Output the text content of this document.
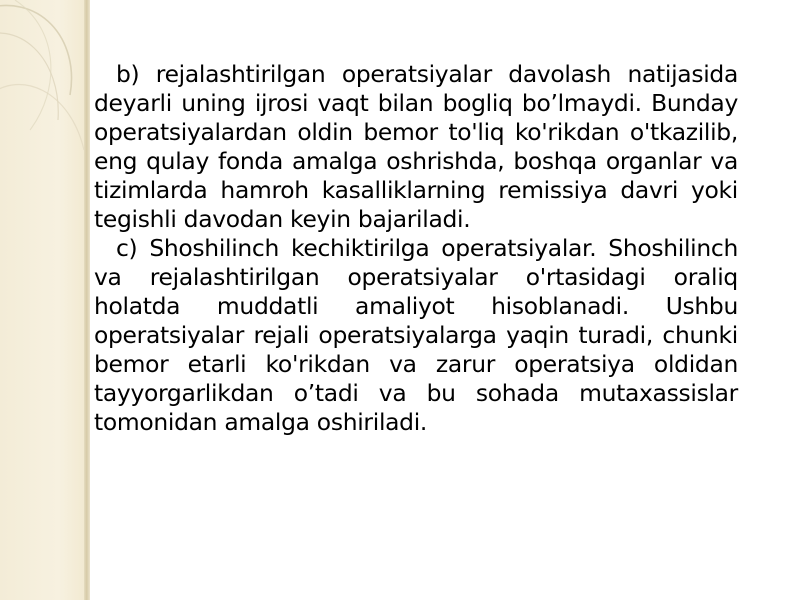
b) rejalashtirilgan operatsiyalar davolash natijasida deyarli uning ijrosi vaqt bilan bogliq bo’lmaydi. Bunday operatsiyalardan oldin bemor to'liq ko'rikdan o'tkazilib, eng qulay fonda amalga oshrishda, boshqa organlar va tizimlarda hamroh kasalliklarning remissiya davri yoki tegishli davodan keyin bajariladi.

c) Shoshilinch kechiktirilga operatsiyalar. Shoshilinch va rejalashtirilgan operatsiyalar o'rtasidagi oraliq holatda muddatli amaliyot hisoblanadi. Ushbu operatsiyalar rejali operatsiyalarga yaqin turadi, chunki bemor etarli ko'rikdan va zarur operatsiya oldidan tayyorgarlikdan o’tadi va bu sohada mutaxassislar tomonidan amalga oshiriladi.
